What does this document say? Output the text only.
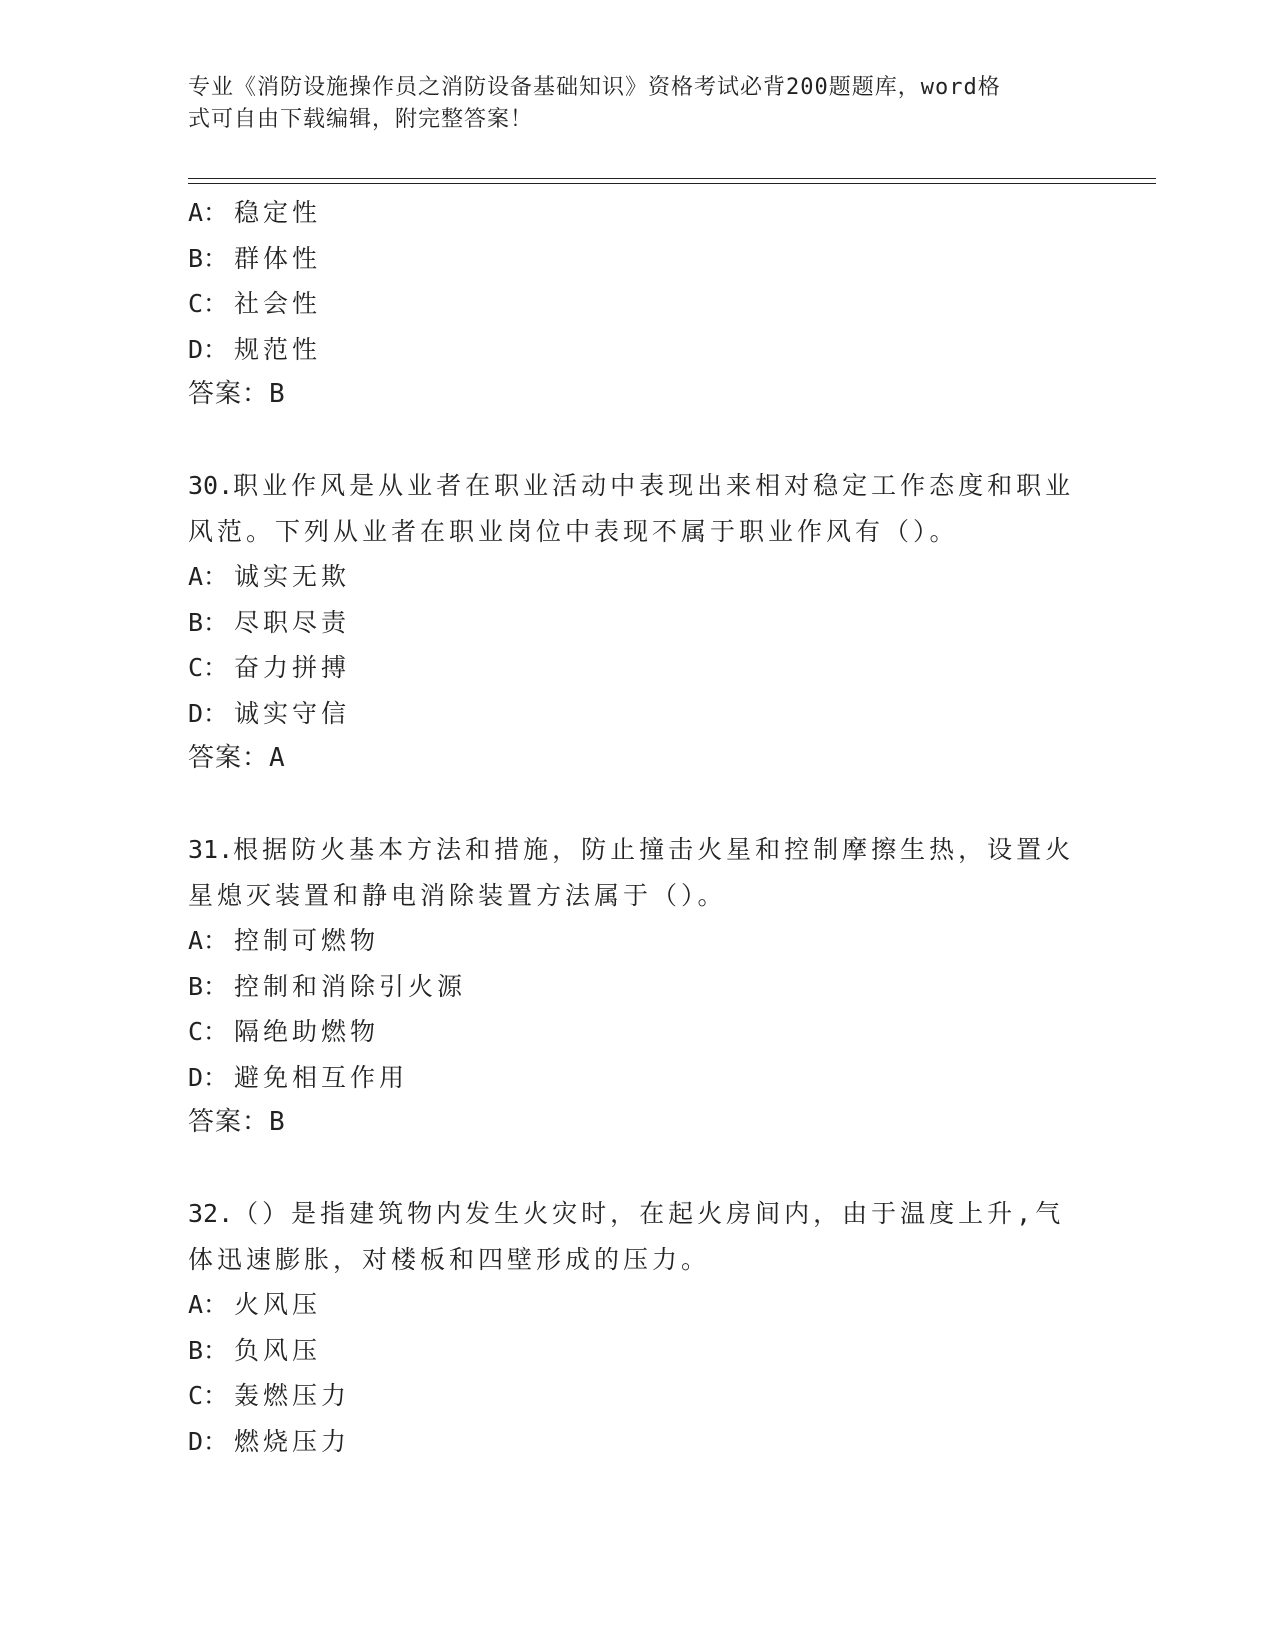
专业《消防设施操作员之消防设备基础知识》资格考试必背200题题库，word格
式可自由下载编辑，附完整答案！
A： 稳定性
B： 群体性
C： 社会性
D： 规范性
答案：B
30.职业作风是从业者在职业活动中表现出来相对稳定工作态度和职业风范。下列从业者在职业岗位中表现不属于职业作风有（）。
A： 诚实无欺
B： 尽职尽责
C： 奋力拼搏
D： 诚实守信
答案：A
31.根据防火基本方法和措施，防止撞击火星和控制摩擦生热，设置火星熄灭装置和静电消除装置方法属于（）。
A： 控制可燃物
B： 控制和消除引火源
C： 隔绝助燃物
D： 避免相互作用
答案：B
32.（）是指建筑物内发生火灾时，在起火房间内，由于温度上升,气体迅速膨胀，对楼板和四壁形成的压力。
A： 火风压
B： 负风压
C： 轰燃压力
D： 燃烧压力
